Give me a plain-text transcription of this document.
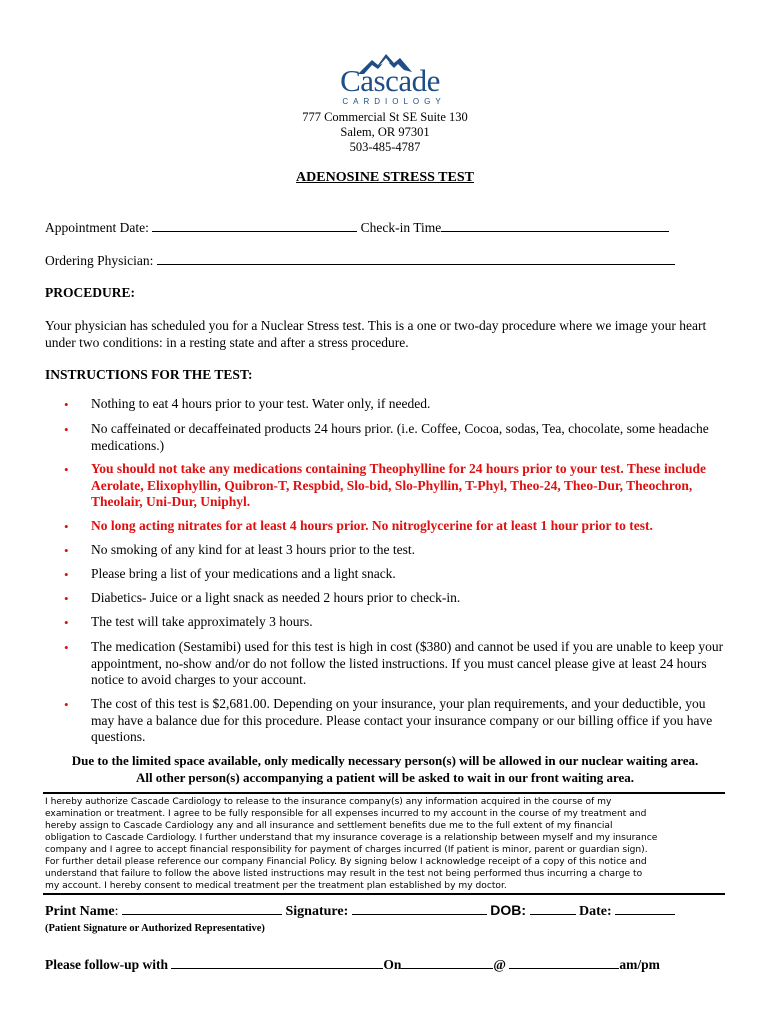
Cascade
CARDIOLOGY
777 Commercial St SE Suite 130
Salem, OR 97301
503-485-4787
ADENOSINE STRESS TEST
Appointment Date:	Check-in Time
Ordering Physician:
PROCEDURE:
Your physician has scheduled you for a Nuclear Stress test. This is a one or two-day procedure where we image your heart under two conditions: in a resting state and after a stress procedure.
INSTRUCTIONS FOR THE TEST:
• Nothing to eat 4 hours prior to your test. Water only, if needed.
• No caffeinated or decaffeinated products 24 hours prior. (i.e. Coffee, Cocoa, sodas, Tea, chocolate, some headache medications.)
• You should not take any medications containing Theophylline for 24 hours prior to your test. These include Aerolate, Elixophyllin, Quibron-T, Respbid, Slo-bid, Slo-Phyllin, T-Phyl, Theo-24, Theo-Dur, Theochron, Theolair, Uni-Dur, Uniphyl.
• No long acting nitrates for at least 4 hours prior. No nitroglycerine for at least 1 hour prior to test.
• No smoking of any kind for at least 3 hours prior to the test.
• Please bring a list of your medications and a light snack.
• Diabetics- Juice or a light snack as needed 2 hours prior to check-in.
• The test will take approximately 3 hours.
• The medication (Sestamibi) used for this test is high in cost ($380) and cannot be used if you are unable to keep your appointment, no-show and/or do not follow the listed instructions. If you must cancel please give at least 24 hours notice to avoid charges to your account.
• The cost of this test is $2,681.00. Depending on your insurance, your plan requirements, and your deductible, you may have a balance due for this procedure. Please contact your insurance company or our billing office if you have questions.
Due to the limited space available, only medically necessary person(s) will be allowed in our nuclear waiting area.
All other person(s) accompanying a patient will be asked to wait in our front waiting area.
I hereby authorize Cascade Cardiology to release to the insurance company(s) any information acquired in the course of my
examination or treatment. I agree to be fully responsible for all expenses incurred to my account in the course of my treatment and
hereby assign to Cascade Cardiology any and all insurance and settlement benefits due me to the full extent of my financial
obligation to Cascade Cardiology. I further understand that my insurance coverage is a relationship between myself and my insurance
company and I agree to accept financial responsibility for payment of charges incurred (If patient is minor, parent or guardian sign).
For further detail please reference our company Financial Policy. By signing below I acknowledge receipt of a copy of this notice and
understand that failure to follow the above listed instructions may result in the test not being performed thus incurring a charge to
my account. I hereby consent to medical treatment per the treatment plan established by my doctor.
Print Name:	Signature:	DOB:	Date:
(Patient Signature or Authorized Representative)
Please follow-up with	On	@	am/pm
